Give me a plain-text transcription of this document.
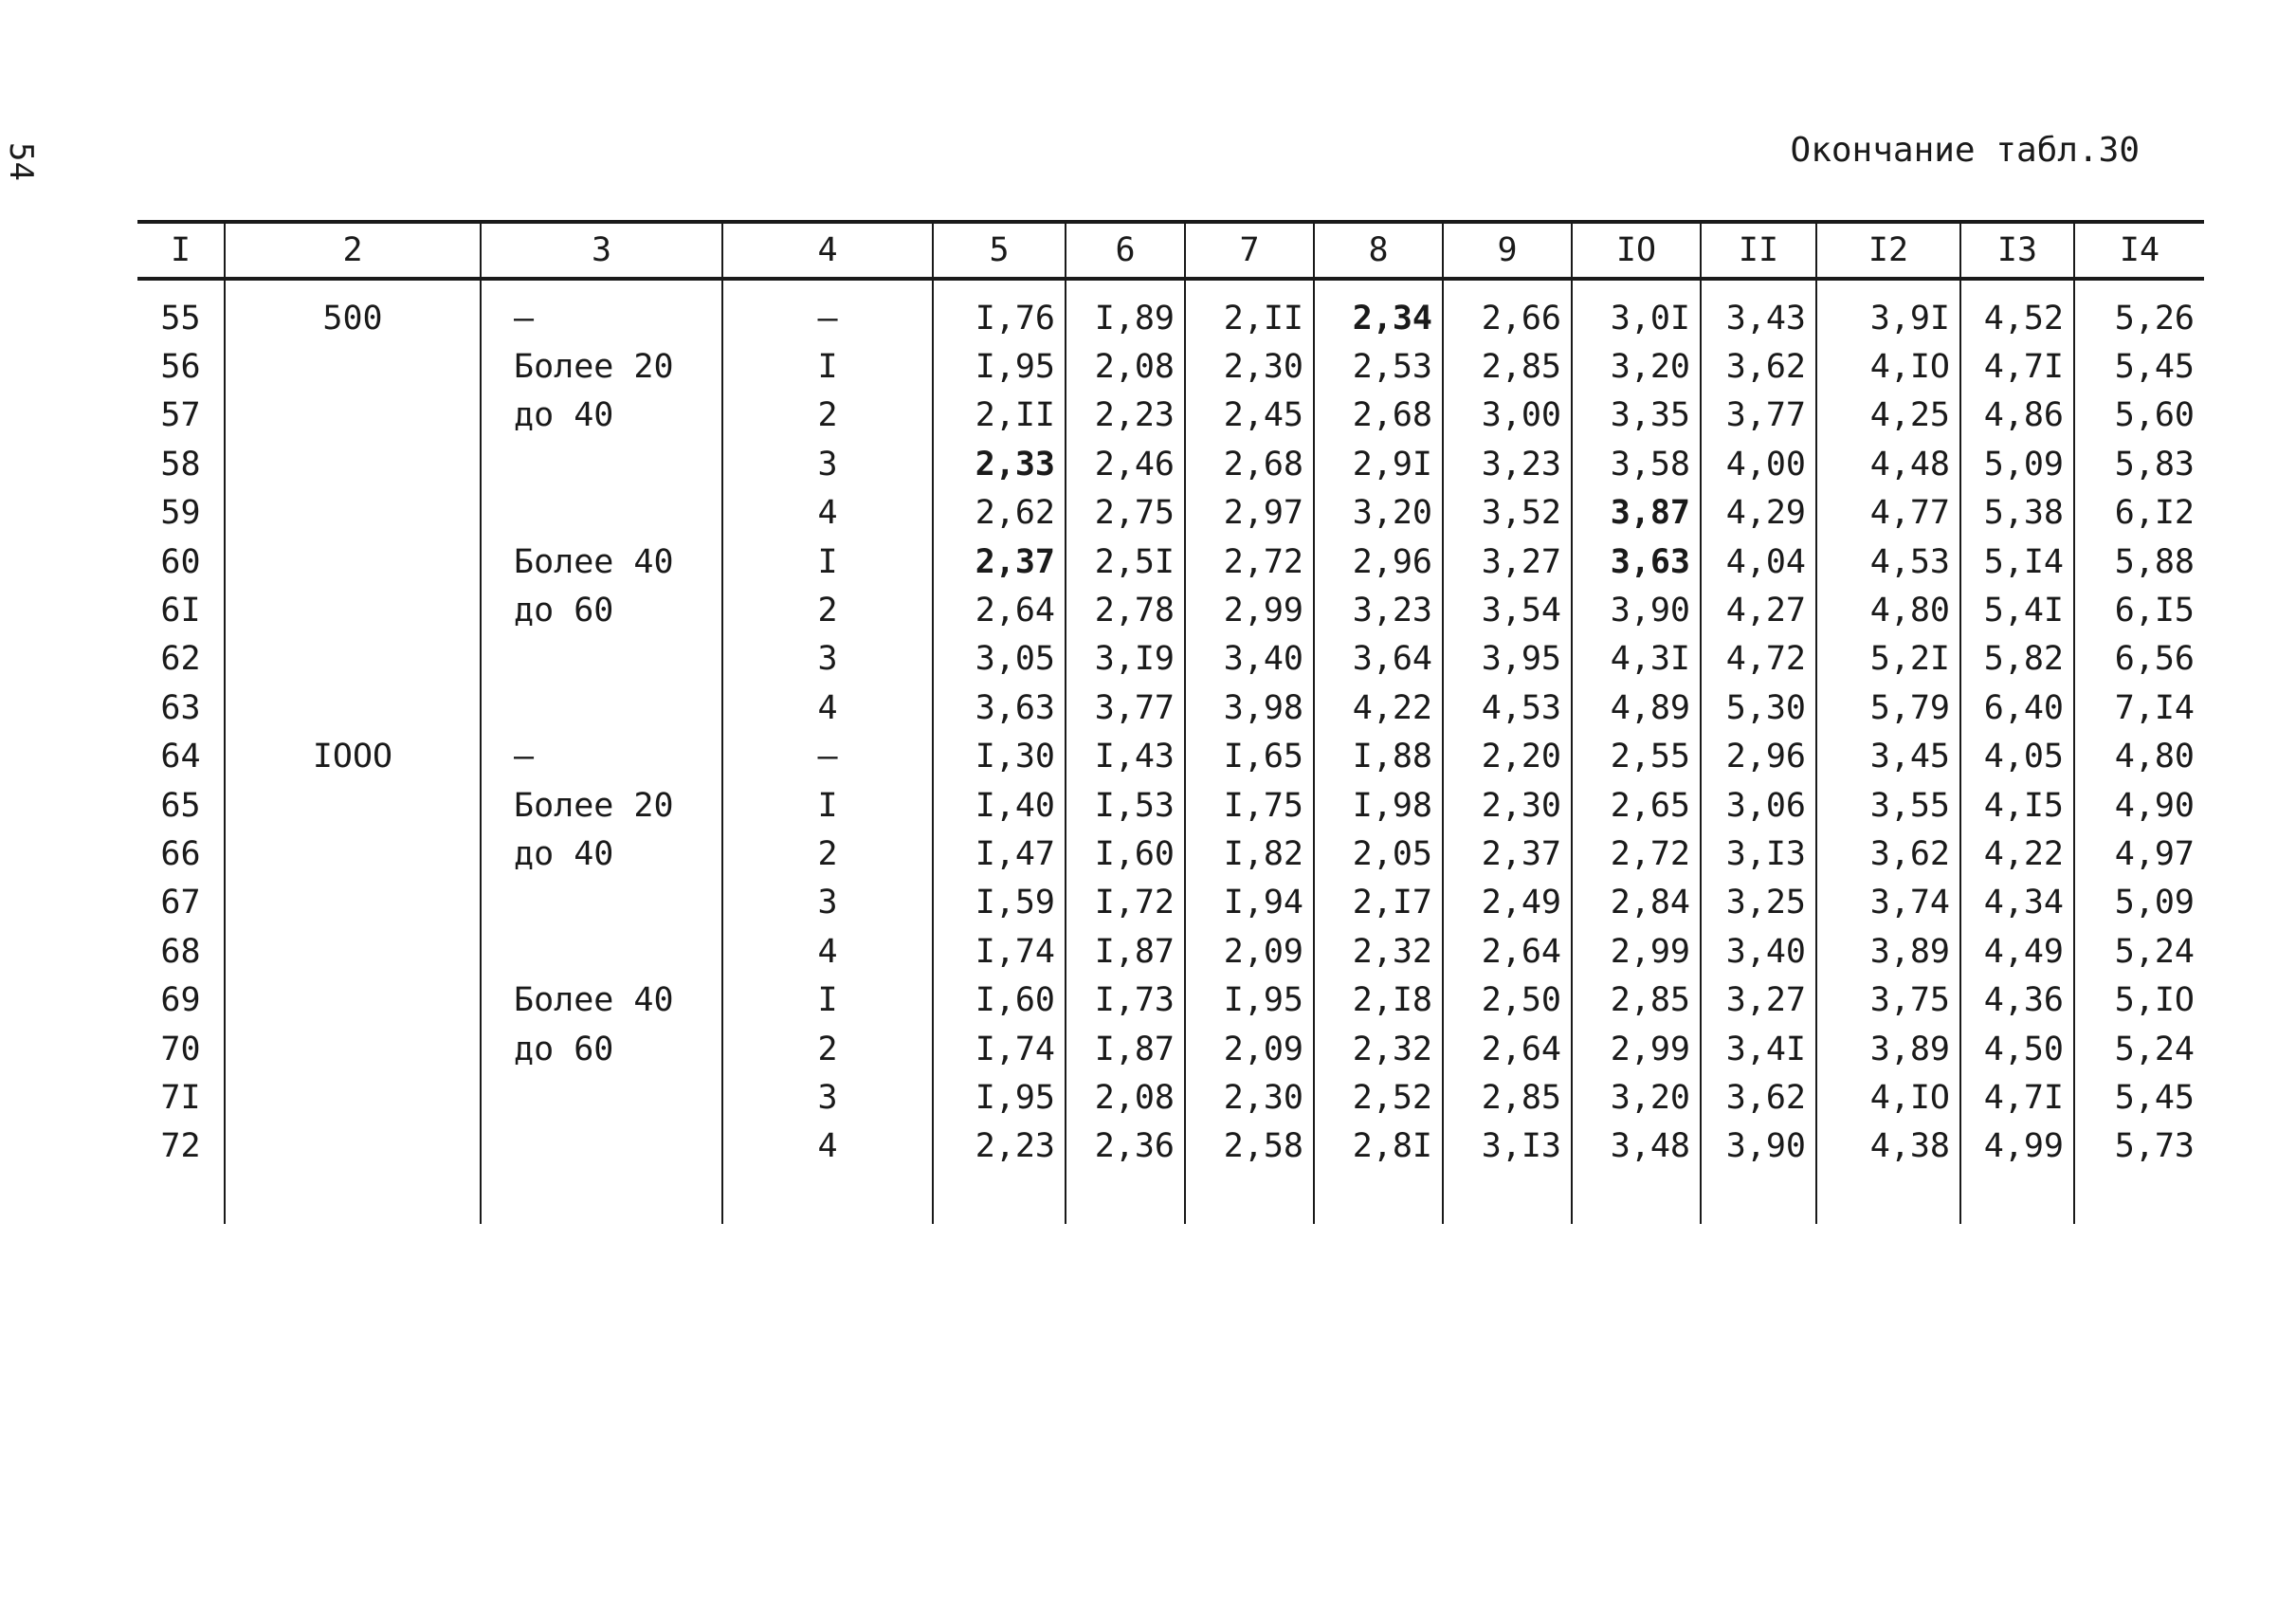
54	Окончание табл.30
I	2	3	4	5	6	7	8	9	IO	II	I2	I3	I4
55	500	–	–	I,76	I,89	2,II	2,34	2,66	3,0I	3,43	3,9I	4,52	5,26
56		Более 20	I	I,95	2,08	2,30	2,53	2,85	3,20	3,62	4,IO	4,7I	5,45
57		до 40	2	2,II	2,23	2,45	2,68	3,00	3,35	3,77	4,25	4,86	5,60
58			3	2,33	2,46	2,68	2,9I	3,23	3,58	4,00	4,48	5,09	5,83
59			4	2,62	2,75	2,97	3,20	3,52	3,87	4,29	4,77	5,38	6,I2
60		Более 40	I	2,37	2,5I	2,72	2,96	3,27	3,63	4,04	4,53	5,I4	5,88
6I		до 60	2	2,64	2,78	2,99	3,23	3,54	3,90	4,27	4,80	5,4I	6,I5
62			3	3,05	3,I9	3,40	3,64	3,95	4,3I	4,72	5,2I	5,82	6,56
63			4	3,63	3,77	3,98	4,22	4,53	4,89	5,30	5,79	6,40	7,I4
64	IOOO	–	–	I,30	I,43	I,65	I,88	2,20	2,55	2,96	3,45	4,05	4,80
65		Более 20	I	I,40	I,53	I,75	I,98	2,30	2,65	3,06	3,55	4,I5	4,90
66		до 40	2	I,47	I,60	I,82	2,05	2,37	2,72	3,I3	3,62	4,22	4,97
67			3	I,59	I,72	I,94	2,I7	2,49	2,84	3,25	3,74	4,34	5,09
68			4	I,74	I,87	2,09	2,32	2,64	2,99	3,40	3,89	4,49	5,24
69		Более 40	I	I,60	I,73	I,95	2,I8	2,50	2,85	3,27	3,75	4,36	5,IO
70		до 60	2	I,74	I,87	2,09	2,32	2,64	2,99	3,4I	3,89	4,50	5,24
7I			3	I,95	2,08	2,30	2,52	2,85	3,20	3,62	4,IO	4,7I	5,45
72			4	2,23	2,36	2,58	2,8I	3,I3	3,48	3,90	4,38	4,99	5,73
